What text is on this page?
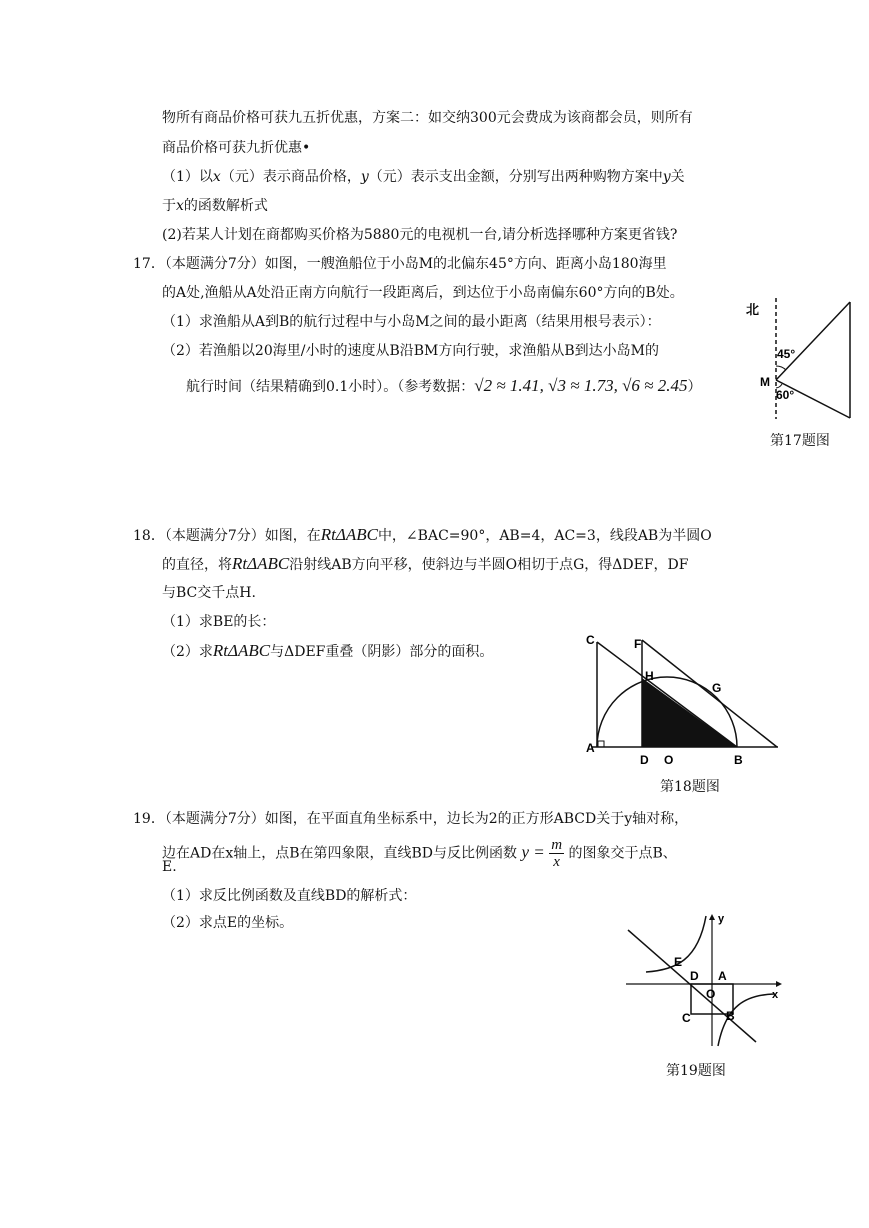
物所有商品价格可获九五折优惠，方案二：如交纳300元会费成为该商都会员，则所有
商品价格可获九折优惠•
（1）以x（元）表示商品价格，y（元）表示支出金额，分别写出两种购物方案中y关
于x的函数解析式
(2)若某人计划在商都购买价格为5880元的电视机一台,请分析选择哪种方案更省钱?
17．（本题满分7分）如图，一艘渔船位于小岛M的北偏东45°方向、距离小岛180海里
的A处,渔船从A处沿正南方向航行一段距离后，到达位于小岛南偏东60°方向的B处。
（1）求渔船从A到B的航行过程中与小岛M之间的最小距离（结果用根号表示）：
（2）若渔船以20海里/小时的速度从B沿BM方向行驶，求渔船从B到达小岛M的
航行时间（结果精确到0.1小时）。（参考数据：√2 ≈ 1.41, √3 ≈ 1.73, √6 ≈ 2.45）
北
45°
M
60°
第17题图
18．（本题满分7分）如图，在RtΔABC中，∠BAC=90°，AB=4，AC=3，线段AB为半圆O
的直径，将RtΔABC沿射线AB方向平移，使斜边与半圆O相切于点G，得ΔDEF，DF
与BC交千点H.
（1）求BE的长：
（2）求RtΔABC与ΔDEF重叠（阴影）部分的面积。
C	F
H
G
A
D O	B
第18题图
19．（本题满分7分）如图，在平面直角坐标系中，边长为2的正方形ABCD关于y轴对称，
边在AD在x轴上，点B在第四象限，直线BD与反比例函数 $y = \frac{m}{x}$ 的图象交于点B、
E.
（1）求反比例函数及直线BD的解析式：
（2）求点E的坐标。	y
x
E
D A
O
C	B
第19题图
